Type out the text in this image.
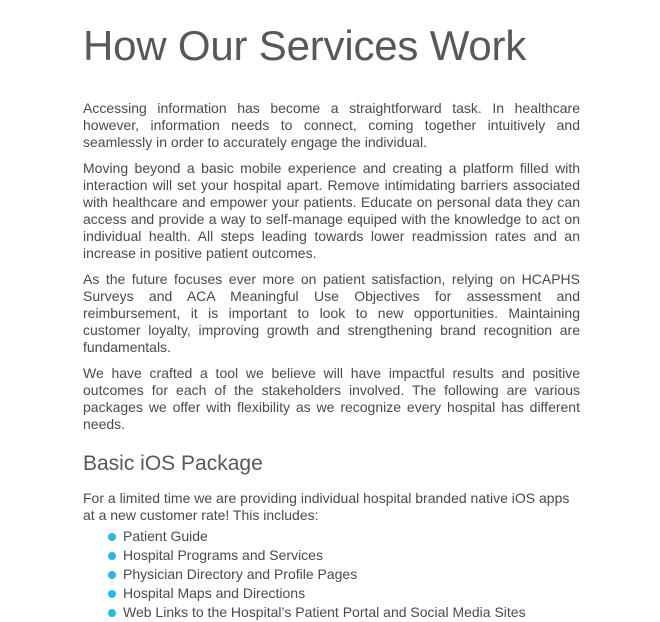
How Our Services Work

Accessing information has become a straightforward task. In healthcare however, information needs to connect, coming together intuitively and seamlessly in order to accurately engage the individual.

Moving beyond a basic mobile experience and creating a platform filled with interaction will set your hospital apart. Remove intimidating barriers associated with healthcare and empower your patients. Educate on personal data they can access and provide a way to self-manage equiped with the knowledge to act on individual health. All steps leading towards lower readmission rates and an increase in positive patient outcomes.

As the future focuses ever more on patient satisfaction, relying on HCAPHS Surveys and ACA Meaningful Use Objectives for assessment and reimbursement, it is important to look to new opportunities. Maintaining customer loyalty, improving growth and strengthening brand recognition are fundamentals.

We have crafted a tool we believe will have impactful results and positive outcomes for each of the stakeholders involved. The following are various packages we offer with flexibility as we recognize every hospital has different needs.

Basic iOS Package

For a limited time we are providing individual hospital branded native iOS apps at a new customer rate! This includes:

Patient Guide
Hospital Programs and Services
Physician Directory and Profile Pages
Hospital Maps and Directions
Web Links to the Hospital’s Patient Portal and Social Media Sites
